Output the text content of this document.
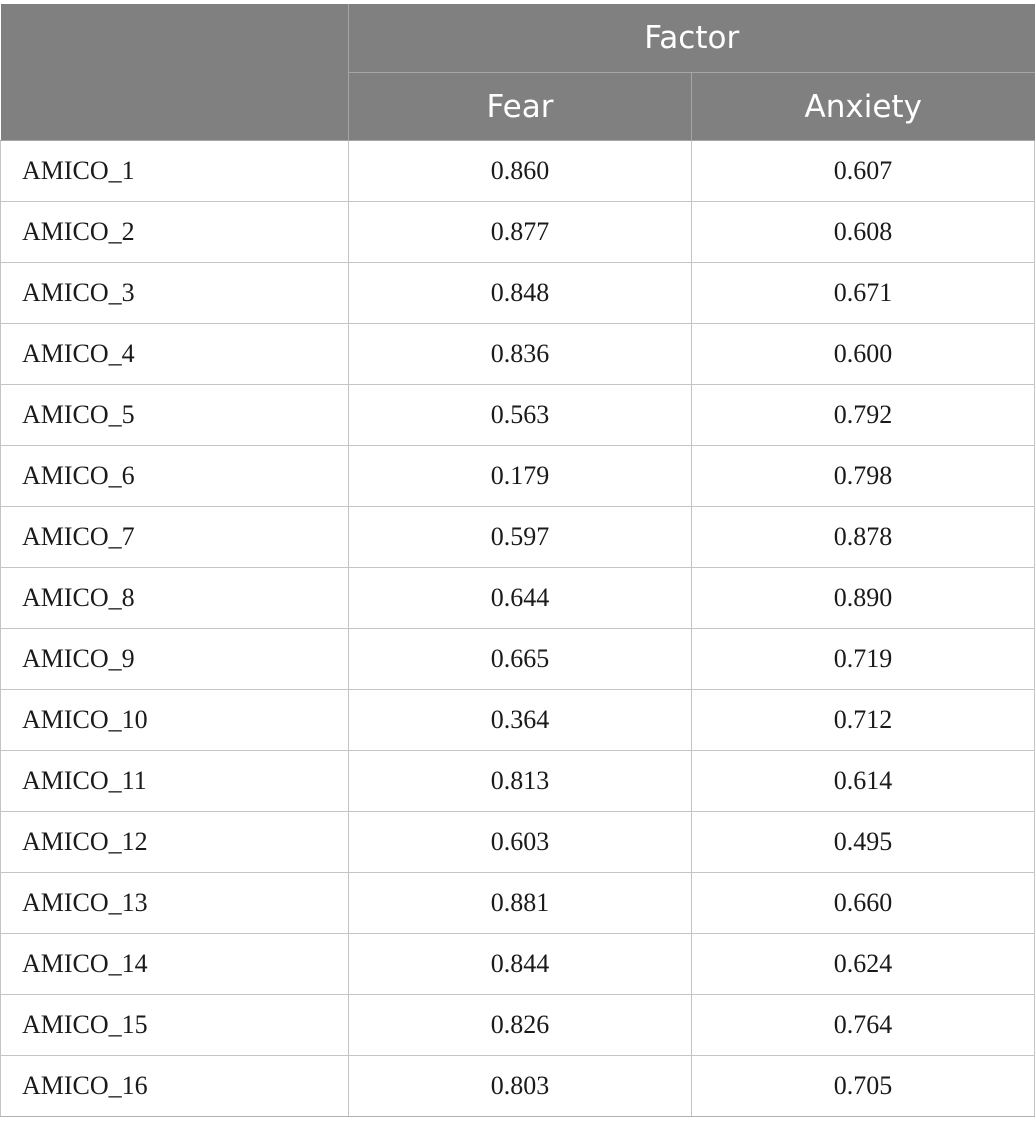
	Factor	
	Fear	Anxiety
AMICO_1	0.860	0.607
AMICO_2	0.877	0.608
AMICO_3	0.848	0.671
AMICO_4	0.836	0.600
AMICO_5	0.563	0.792
AMICO_6	0.179	0.798
AMICO_7	0.597	0.878
AMICO_8	0.644	0.890
AMICO_9	0.665	0.719
AMICO_10	0.364	0.712
AMICO_11	0.813	0.614
AMICO_12	0.603	0.495
AMICO_13	0.881	0.660
AMICO_14	0.844	0.624
AMICO_15	0.826	0.764
AMICO_16	0.803	0.705
